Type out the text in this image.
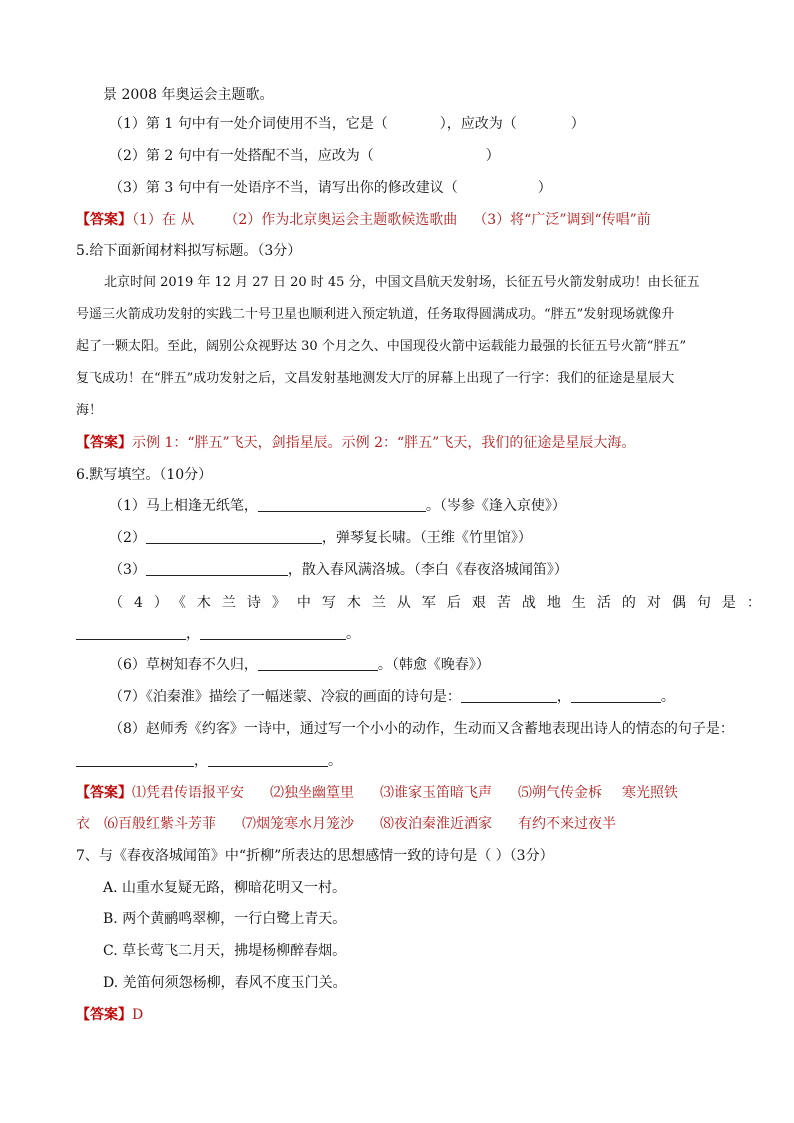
景 2008 年奥运会主题歌。
（1）第 1 句中有一处介词使用不当，它是（	），应改为（	）
（2）第 2 句中有一处搭配不当，应改为（	）
（3）第 3 句中有一处语序不当，请写出你的修改建议（	）
【答案】（1）在 从 （2）作为北京奥运会主题歌候选歌曲 （3）将“广泛”调到“传唱”前
5.给下面新闻材料拟写标题。（3分）
北京时间 2019 年 12 月 27 日 20 时 45 分，中国文昌航天发射场，长征五号火箭发射成功！由长征五
号遥三火箭成功发射的实践二十号卫星也顺利进入预定轨道，任务取得圆满成功。“胖五”发射现场就像升
起了一颗太阳。至此，阔别公众视野达 30 个月之久、中国现役火箭中运载能力最强的长征五号火箭“胖五”
复飞成功！在“胖五”成功发射之后，文昌发射基地测发大厅的屏幕上出现了一行字：我们的征途是星辰大
海！
【答案】示例 1：“胖五”飞天，剑指星辰。示例 2：“胖五”飞天，我们的征途是星辰大海。
6.默写填空。（10分）
（1）马上相逢无纸笔，	。（岑参《逢入京使》）
（2）	，弹琴复长啸。（王维《竹里馆》）
（3）	，散入春风满洛城。（李白《春夜洛城闻笛》）
（4）《木兰诗》中写木兰从军后艰苦战地生活的对偶句是：
，	。
（6）草树知春不久归，	。（韩愈《晚春》）
（7）《泊秦淮》描绘了一幅迷蒙、冷寂的画面的诗句是：	，	。
（8）赵师秀《约客》一诗中，通过写一个小小的动作，生动而又含蓄地表现出诗人的情态的句子是：
，	。
【答案】⑴凭君传语报平安 ⑵独坐幽篁里 ⑶谁家玉笛暗飞声 ⑸朔气传金柝 寒光照铁
衣 ⑹百般红紫斗芳菲 ⑺烟笼寒水月笼沙 ⑻夜泊秦淮近酒家 有约不来过夜半
7、与《春夜洛城闻笛》中“折柳”所表达的思想感情一致的诗句是（ ）（3分）
A. 山重水复疑无路，柳暗花明又一村。
B. 两个黄鹂鸣翠柳，一行白鹭上青天。
C. 草长莺飞二月天，拂堤杨柳醉春烟。
D. 羌笛何须怨杨柳，春风不度玉门关。
【答案】D
